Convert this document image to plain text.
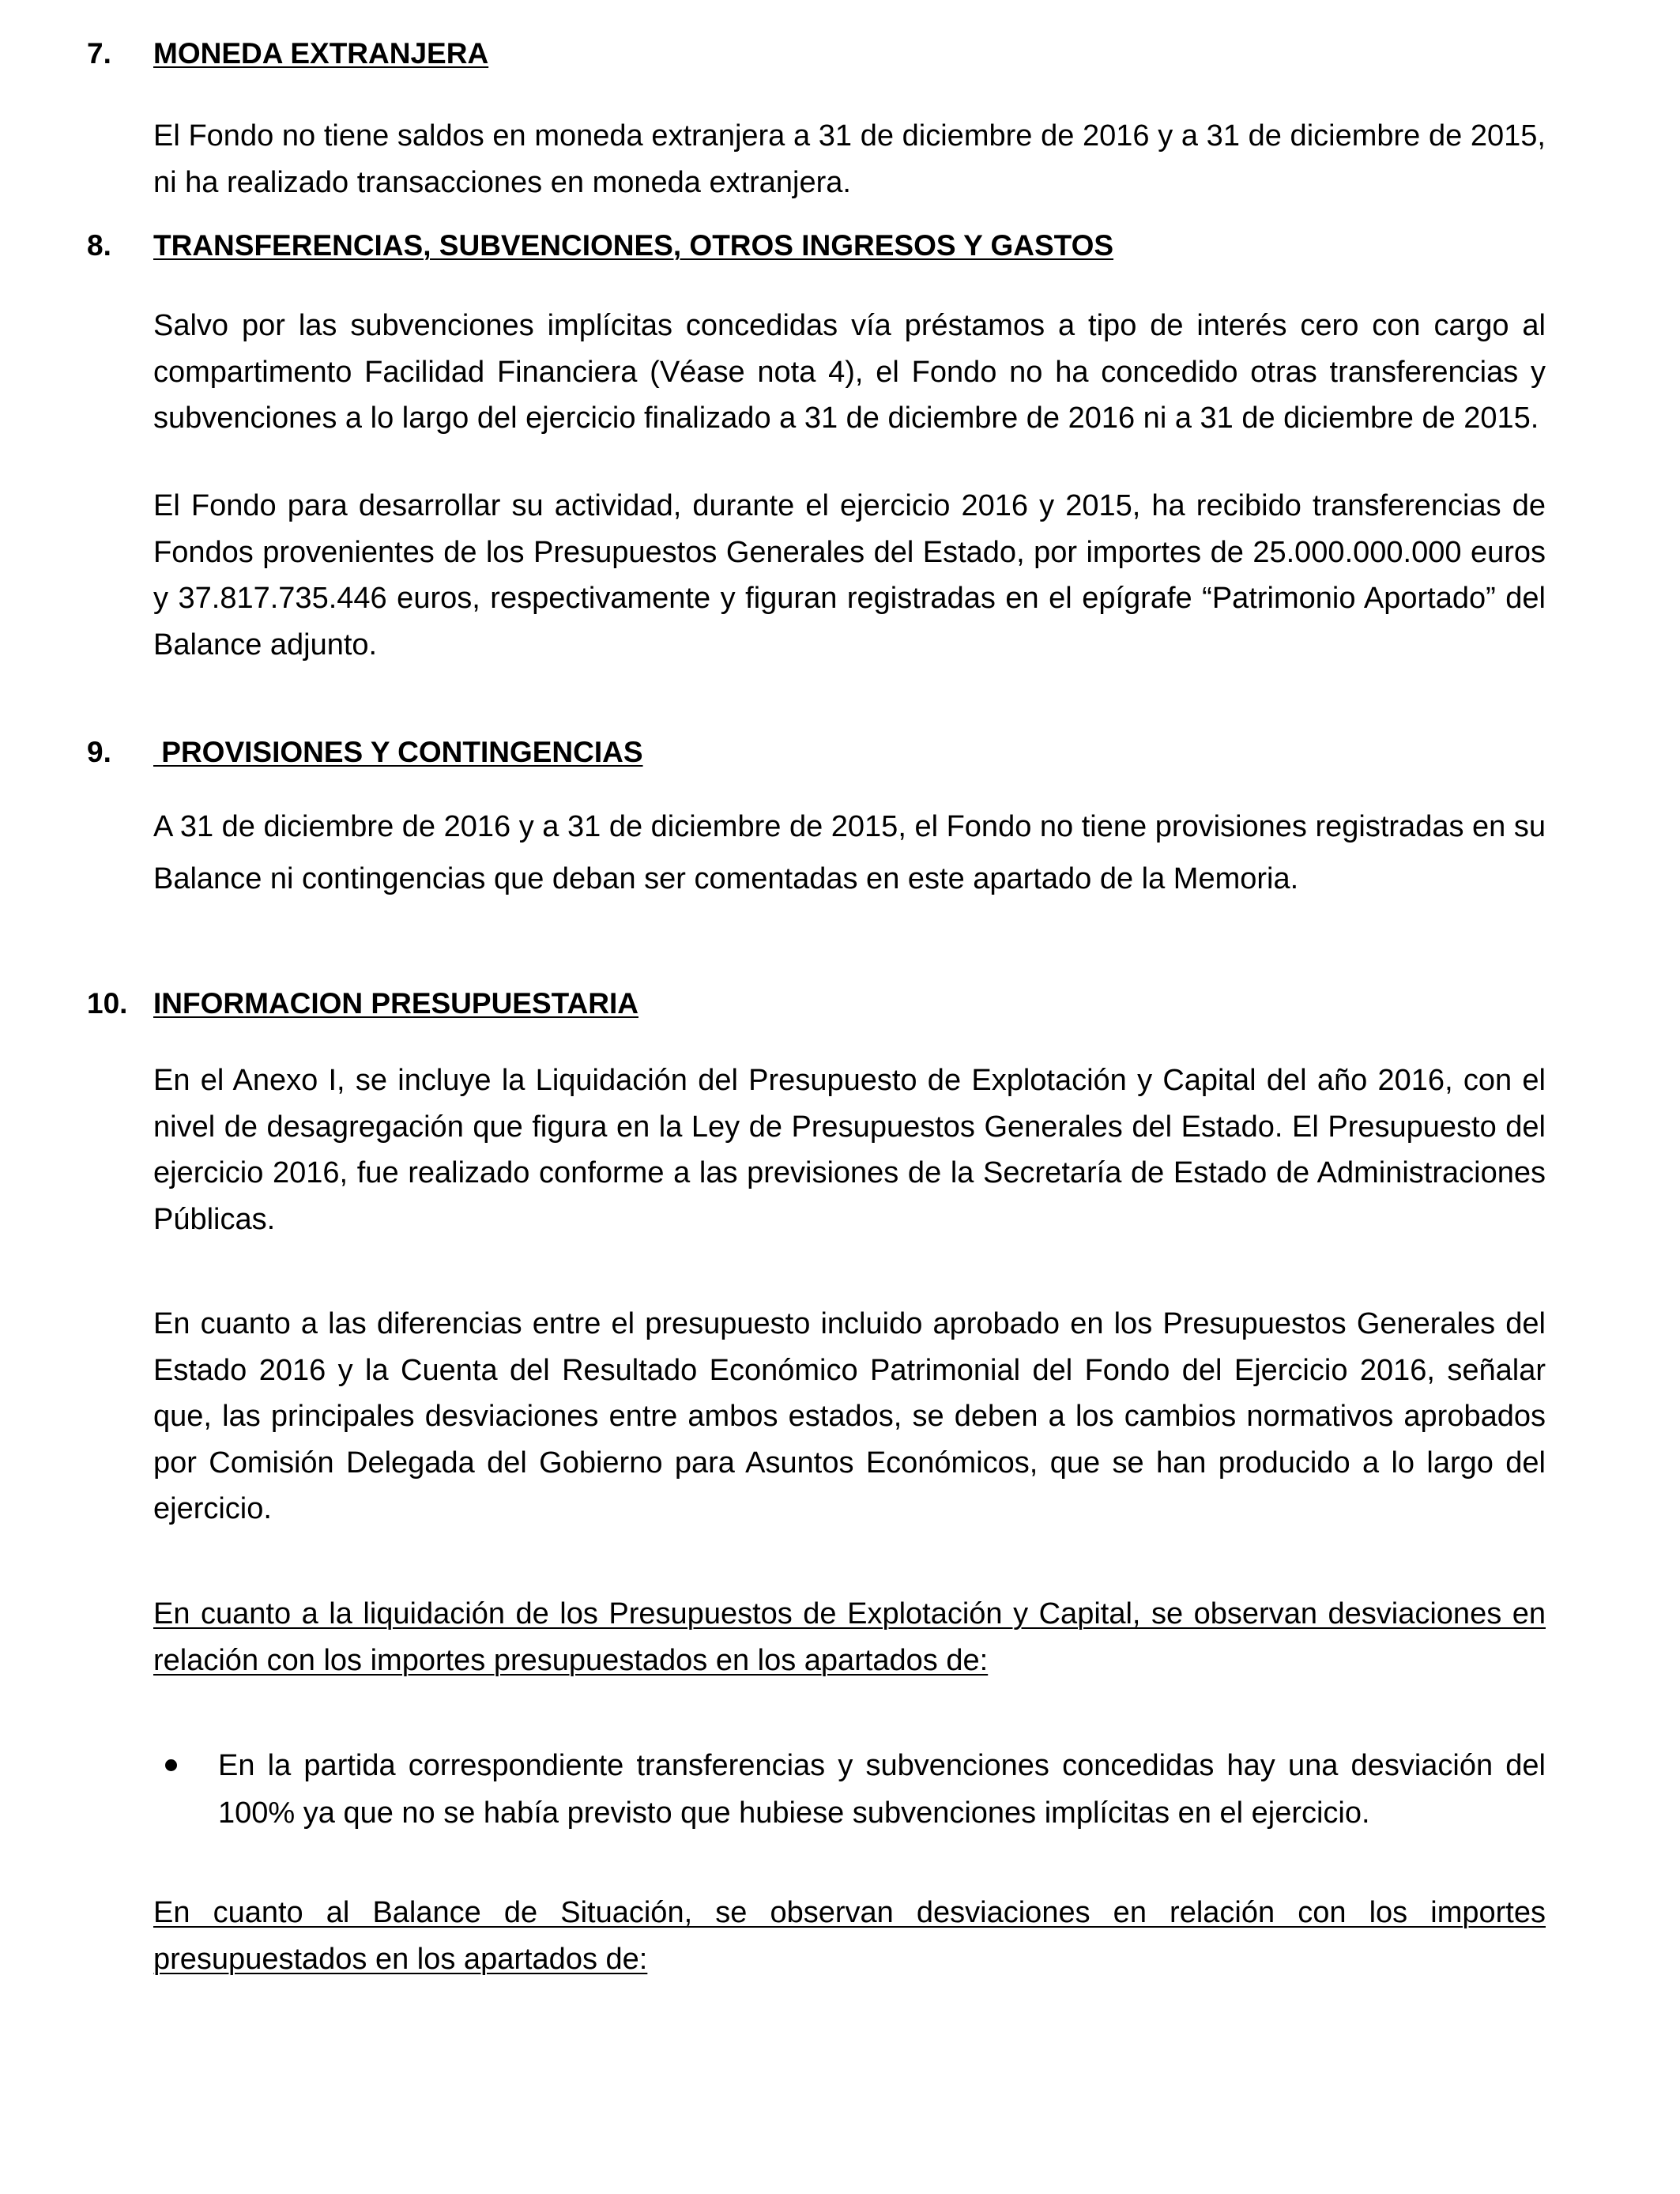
7. MONEDA EXTRANJERA
El Fondo no tiene saldos en moneda extranjera a 31 de diciembre de 2016 y a 31 de diciembre de 2015, ni ha realizado transacciones en moneda extranjera.
8. TRANSFERENCIAS, SUBVENCIONES, OTROS INGRESOS Y GASTOS
Salvo por las subvenciones implícitas concedidas vía préstamos a tipo de interés cero con cargo al compartimento Facilidad Financiera (Véase nota 4), el Fondo no ha concedido otras transferencias y subvenciones a lo largo del ejercicio finalizado a 31 de diciembre de 2016 ni a 31 de diciembre de 2015.
El Fondo para desarrollar su actividad, durante el ejercicio 2016 y 2015, ha recibido transferencias de Fondos provenientes de los Presupuestos Generales del Estado, por importes de 25.000.000.000 euros y 37.817.735.446 euros, respectivamente y figuran registradas en el epígrafe “Patrimonio Aportado” del Balance adjunto.
9. PROVISIONES Y CONTINGENCIAS
A 31 de diciembre de 2016 y a 31 de diciembre de 2015, el Fondo no tiene provisiones registradas en su Balance ni contingencias que deban ser comentadas en este apartado de la Memoria.
10. INFORMACION PRESUPUESTARIA
En el Anexo I, se incluye la Liquidación del Presupuesto de Explotación y Capital del año 2016, con el nivel de desagregación que figura en la Ley de Presupuestos Generales del Estado. El Presupuesto del ejercicio 2016, fue realizado conforme a las previsiones de la Secretaría de Estado de Administraciones Públicas.
En cuanto a las diferencias entre el presupuesto incluido aprobado en los Presupuestos Generales del Estado 2016 y la Cuenta del Resultado Económico Patrimonial del Fondo del Ejercicio 2016, señalar que, las principales desviaciones entre ambos estados, se deben a los cambios normativos aprobados por Comisión Delegada del Gobierno para Asuntos Económicos, que se han producido a lo largo del ejercicio.
En cuanto a la liquidación de los Presupuestos de Explotación y Capital, se observan desviaciones en relación con los importes presupuestados en los apartados de:
En la partida correspondiente transferencias y subvenciones concedidas hay una desviación del 100% ya que no se había previsto que hubiese subvenciones implícitas en el ejercicio.
En cuanto al Balance de Situación, se observan desviaciones en relación con los importes presupuestados en los apartados de:
